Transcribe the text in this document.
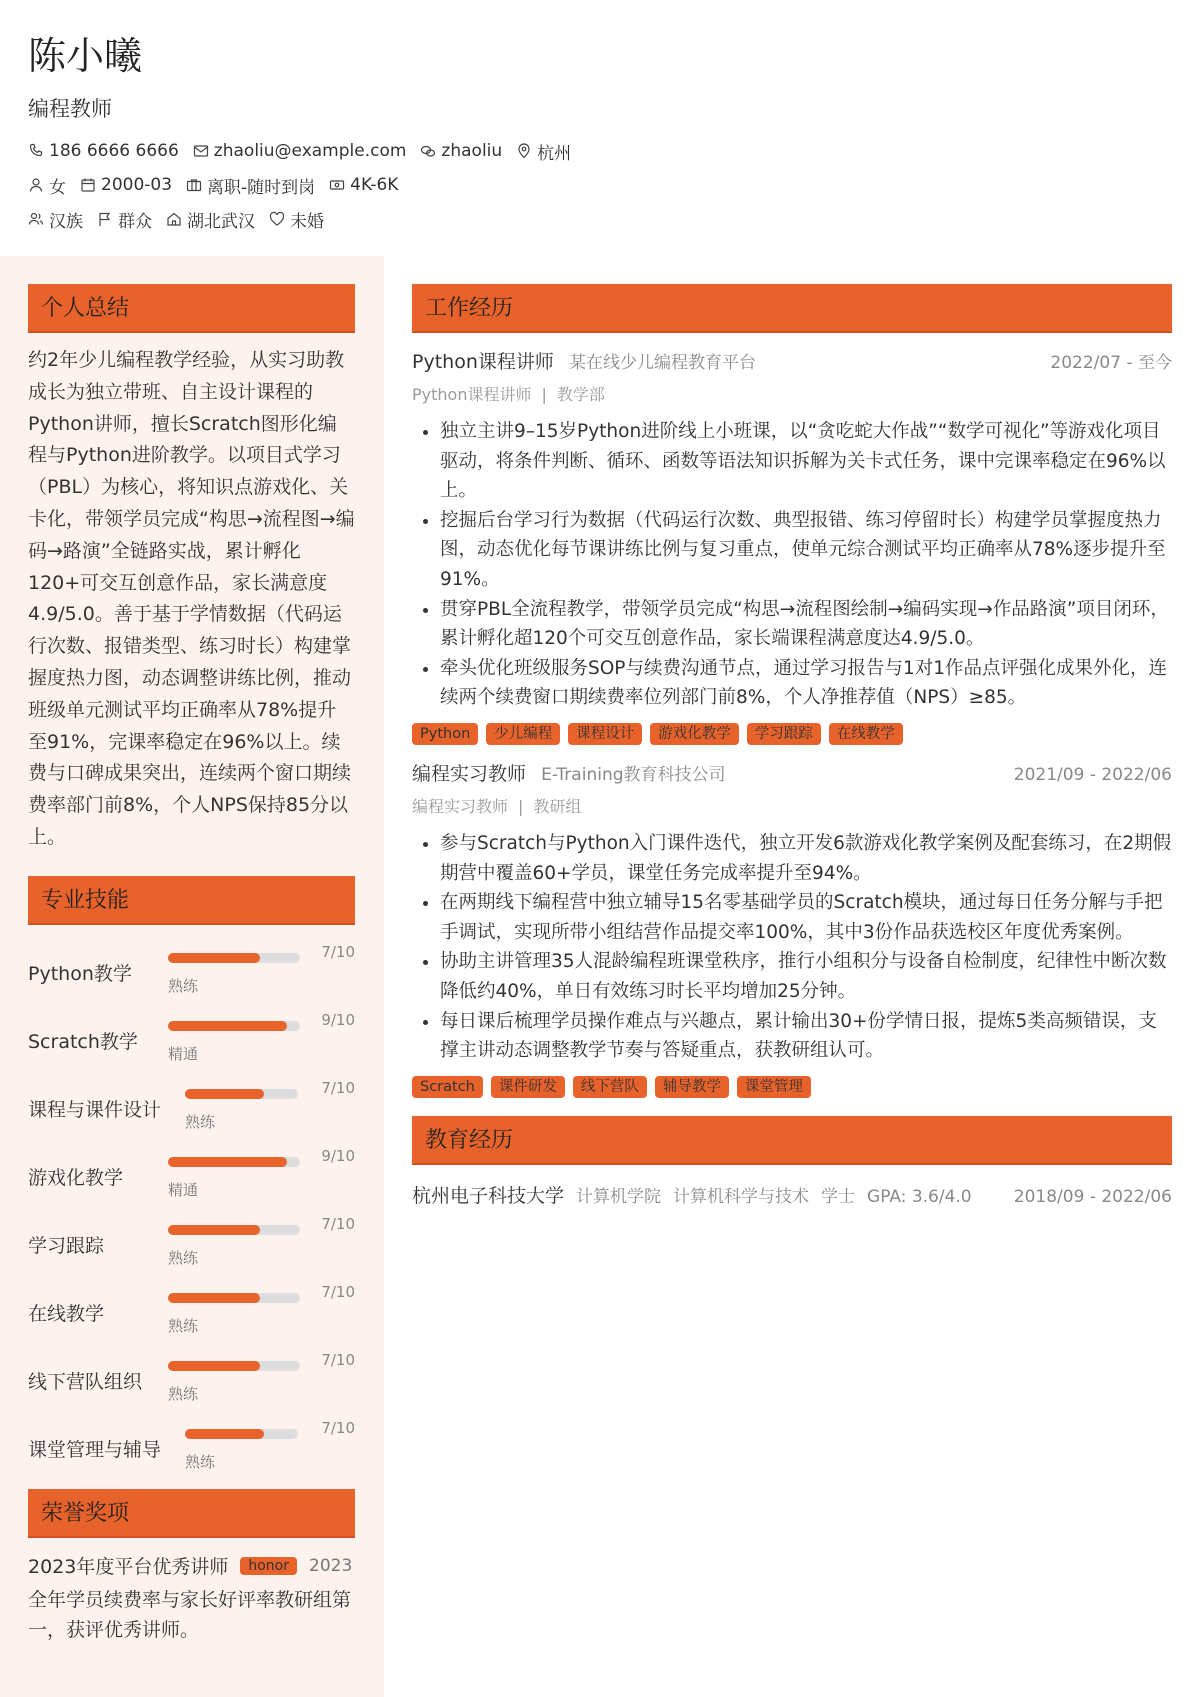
陈小曦
编程教师
186 6666 6666 zhaoliu@example.com zhaoliu 杭州
女 2000-03 离职-随时到岗 4K-6K
汉族 群众 湖北武汉 未婚
个人总结
约2年少儿编程教学经验，从实习助教成长为独立带班、自主设计课程的Python讲师，擅长Scratch图形化编程与Python进阶教学。以项目式学习（PBL）为核心，将知识点游戏化、关卡化，带领学员完成“构思→流程图→编码→路演”全链路实战，累计孵化120+可交互创意作品，家长满意度4.9/5.0。善于基于学情数据（代码运行次数、报错类型、练习时长）构建掌握度热力图，动态调整讲练比例，推动班级单元测试平均正确率从78%提升至91%，完课率稳定在96%以上。续费与口碑成果突出，连续两个窗口期续费率部门前8%，个人NPS保持85分以上。
专业技能
Python教学
7/10
熟练
Scratch教学
9/10
精通
课程与课件设计
7/10
熟练
游戏化教学
9/10
精通
学习跟踪
7/10
熟练
在线教学
7/10
熟练
线下营队组织
7/10
熟练
课堂管理与辅导
7/10
熟练
荣誉奖项
2023年度平台优秀讲师	honor	2023
全年学员续费率与家长好评率教研组第一，获评优秀讲师。
工作经历
Python课程讲师 某在线少儿编程教育平台	2022/07 - 至今
Python课程讲师 | 教学部
• 独立主讲9–15岁Python进阶线上小班课，以“贪吃蛇大作战”“数学可视化”等游戏化项目驱动，将条件判断、循环、函数等语法知识拆解为关卡式任务，课中完课率稳定在96%以上。
• 挖掘后台学习行为数据（代码运行次数、典型报错、练习停留时长）构建学员掌握度热力图，动态优化每节课讲练比例与复习重点，使单元综合测试平均正确率从78%逐步提升至91%。
• 贯穿PBL全流程教学，带领学员完成“构思→流程图绘制→编码实现→作品路演”项目闭环，累计孵化超120个可交互创意作品，家长端课程满意度达4.9/5.0。
• 牵头优化班级服务SOP与续费沟通节点，通过学习报告与1对1作品点评强化成果外化，连续两个续费窗口期续费率位列部门前8%，个人净推荐值（NPS）≥85。
Python	少儿编程	课程设计	游戏化教学	学习跟踪	在线教学
编程实习教师 E-Training教育科技公司	2021/09 - 2022/06
编程实习教师 | 教研组
• 参与Scratch与Python入门课件迭代，独立开发6款游戏化教学案例及配套练习，在2期假期营中覆盖60+学员，课堂任务完成率提升至94%。
• 在两期线下编程营中独立辅导15名零基础学员的Scratch模块，通过每日任务分解与手把手调试，实现所带小组结营作品提交率100%，其中3份作品获选校区年度优秀案例。
• 协助主讲管理35人混龄编程班课堂秩序，推行小组积分与设备自检制度，纪律性中断次数降低约40%，单日有效练习时长平均增加25分钟。
• 每日课后梳理学员操作难点与兴趣点，累计输出30+份学情日报，提炼5类高频错误，支撑主讲动态调整教学节奏与答疑重点，获教研组认可。
Scratch	课件研发	线下营队	辅导教学	课堂管理
教育经历
杭州电子科技大学 计算机学院 计算机科学与技术 学士 GPA: 3.6/4.0 2018/09 - 2022/06
